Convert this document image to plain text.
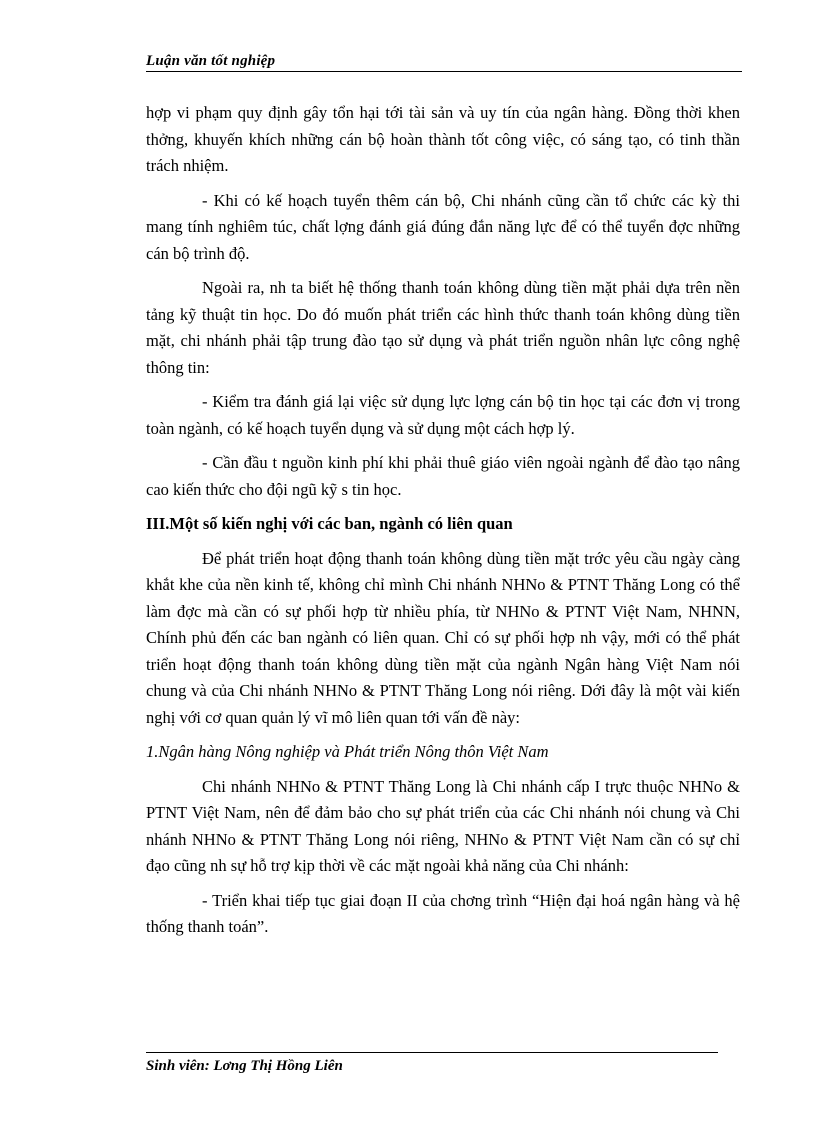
Luận văn tốt nghiệp

hợp vi phạm quy định gây tổn hại tới tài sản và uy tín của ngân hàng. Đồng thời khen thởng, khuyến khích những cán bộ hoàn thành tốt công việc, có sáng tạo, có tinh thần trách nhiệm.

- Khi có kế hoạch tuyển thêm cán bộ, Chi nhánh cũng cần tổ chức các kỳ thi mang tính nghiêm túc, chất lợng đánh giá đúng đắn năng lực để có thể tuyển đợc những cán bộ trình độ.

Ngoài ra, nh ta biết hệ thống thanh toán không dùng tiền mặt phải dựa trên nền tảng kỹ thuật tin học. Do đó muốn phát triển các hình thức thanh toán không dùng tiền mặt, chi nhánh phải tập trung đào tạo sử dụng và phát triển nguồn nhân lực công nghệ thông tin:

- Kiểm tra đánh giá lại việc sử dụng lực lợng cán bộ tin học tại các đơn vị trong toàn ngành, có kế hoạch tuyển dụng và sử dụng một cách hợp lý.

- Cần đầu t nguồn kinh phí khi phải thuê giáo viên ngoài ngành để đào tạo nâng cao kiến thức cho đội ngũ kỹ s tin học.

III.Một số kiến nghị với các ban, ngành có liên quan

Để phát triển hoạt động thanh toán không dùng tiền mặt trớc yêu cầu ngày càng khắt khe của nền kinh tế, không chỉ mình Chi nhánh NHNo & PTNT Thăng Long có thể làm đợc mà cần có sự phối hợp từ nhiều phía, từ NHNo & PTNT Việt Nam, NHNN, Chính phủ đến các ban ngành có liên quan. Chỉ có sự phối hợp nh vậy, mới có thể phát triển hoạt động thanh toán không dùng tiền mặt của ngành Ngân hàng Việt Nam nói chung và của Chi nhánh NHNo & PTNT Thăng Long nói riêng. Dới đây là một vài kiến nghị với cơ quan quản lý vĩ mô liên quan tới vấn đề này:

1.Ngân hàng Nông nghiệp và Phát triển Nông thôn Việt Nam

Chi nhánh NHNo & PTNT Thăng Long là Chi nhánh cấp I trực thuộc NHNo & PTNT Việt Nam, nên để đảm bảo cho sự phát triển của các Chi nhánh nói chung và Chi nhánh NHNo & PTNT Thăng Long nói riêng, NHNo & PTNT Việt Nam cần có sự chỉ đạo cũng nh sự hỗ trợ kịp thời về các mặt ngoài khả năng của Chi nhánh:

- Triển khai tiếp tục giai đoạn II của chơng trình “Hiện đại hoá ngân hàng và hệ thống thanh toán”.

Sinh viên: Lơng Thị Hồng Liên
